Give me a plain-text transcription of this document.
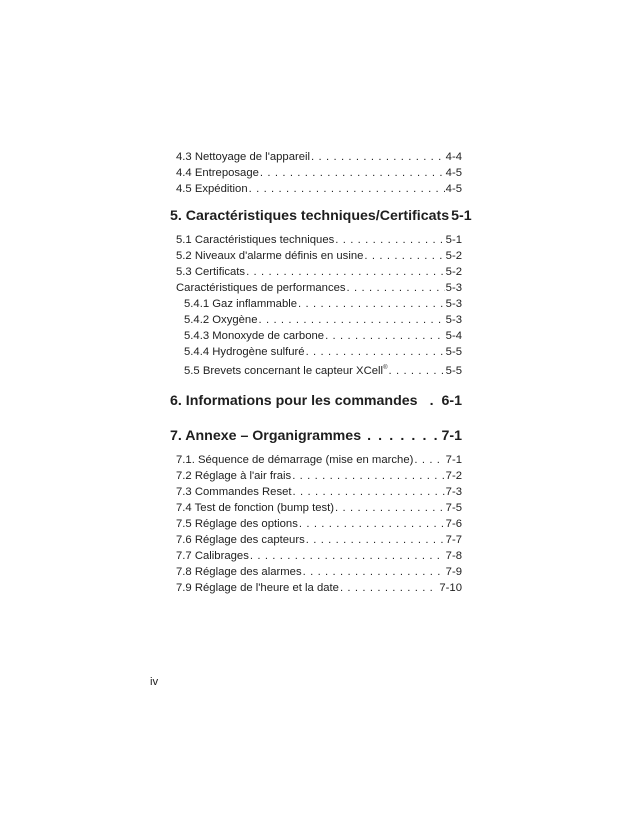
4.3 Nettoyage de l'appareil . . .	4-4
4.4 Entreposage . . .	4-5
4.5 Expédition . . .	4-5
5. Caractéristiques techniques/Certificats 5-1
5.1 Caractéristiques techniques . . .	5-1
5.2 Niveaux d'alarme définis en usine . . .	5-2
5.3 Certificats . . .	5-2
Caractéristiques de performances . . .	5-3
5.4.1 Gaz inflammable . . .	5-3
5.4.2 Oxygène . . .	5-3
5.4.3 Monoxyde de carbone . . .	5-4
5.4.4 Hydrogène sulfuré . . .	5-5
5.5 Brevets concernant le capteur XCell® . . .	5-5
6. Informations pour les commandes . . . 6-1
7. Annexe – Organigrammes . . .	7-1
7.1. Séquence de démarrage (mise en marche) . . .	7-1
7.2 Réglage à l'air frais . . .	7-2
7.3 Commandes Reset . . .	7-3
7.4 Test de fonction (bump test) . . .	7-5
7.5 Réglage des options . . .	7-6
7.6 Réglage des capteurs . . .	7-7
7.7 Calibrages . . .	7-8
7.8 Réglage des alarmes . . .	7-9
7.9 Réglage de l'heure et la date . . .	7-10
iv
